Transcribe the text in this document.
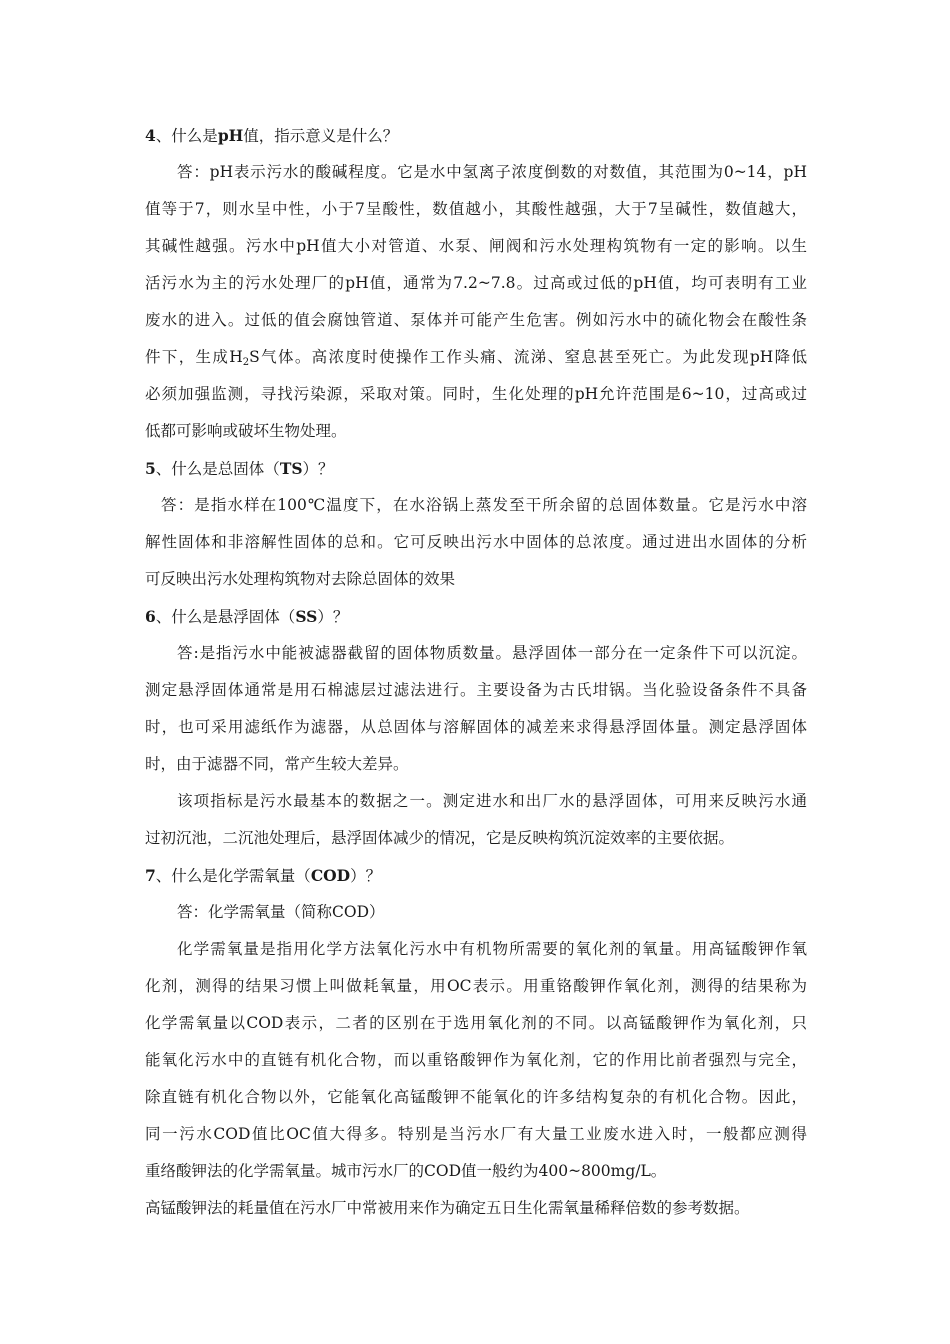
4、什么是pH值，指示意义是什么？
答：pH表示污水的酸碱程度。它是水中氢离子浓度倒数的对数值，其范围为0~14，pH
值等于7，则水呈中性，小于7呈酸性，数值越小，其酸性越强，大于7呈碱性，数值越大，
其碱性越强。污水中pH值大小对管道、水泵、闸阀和污水处理构筑物有一定的影响。以生
活污水为主的污水处理厂的pH值，通常为7.2~7.8。过高或过低的pH值，均可表明有工业
废水的进入。过低的值会腐蚀管道、泵体并可能产生危害。例如污水中的硫化物会在酸性条
件下，生成$H_2S$气体。高浓度时使操作工作头痛、流涕、窒息甚至死亡。为此发现pH降低
必须加强监测，寻找污染源，采取对策。同时，生化处理的pH允许范围是6~10，过高或过
低都可影响或破坏生物处理。
5、什么是总固体（TS）？
答：是指水样在100℃温度下，在水浴锅上蒸发至干所余留的总固体数量。它是污水中溶
解性固体和非溶解性固体的总和。它可反映出污水中固体的总浓度。通过进出水固体的分析
可反映出污水处理构筑物对去除总固体的效果
6、什么是悬浮固体（SS）？
答:是指污水中能被滤器截留的固体物质数量。悬浮固体一部分在一定条件下可以沉淀。
测定悬浮固体通常是用石棉滤层过滤法进行。主要设备为古氏坩锅。当化验设备条件不具备
时，也可采用滤纸作为滤器，从总固体与溶解固体的减差来求得悬浮固体量。测定悬浮固体
时，由于滤器不同，常产生较大差异。
该项指标是污水最基本的数据之一。测定进水和出厂水的悬浮固体，可用来反映污水通
过初沉池，二沉池处理后，悬浮固体减少的情况，它是反映构筑沉淀效率的主要依据。
7、什么是化学需氧量（COD）？
答：化学需氧量（简称COD）
化学需氧量是指用化学方法氧化污水中有机物所需要的氧化剂的氧量。用高锰酸钾作氧
化剂，测得的结果习惯上叫做耗氧量，用OC表示。用重铬酸钾作氧化剂，测得的结果称为
化学需氧量以COD表示，二者的区别在于选用氧化剂的不同。以高锰酸钾作为氧化剂，只
能氧化污水中的直链有机化合物，而以重铬酸钾作为氧化剂，它的作用比前者强烈与完全，
除直链有机化合物以外，它能氧化高锰酸钾不能氧化的许多结构复杂的有机化合物。因此，
同一污水COD值比OC值大得多。特别是当污水厂有大量工业废水进入时，一般都应测得
重络酸钾法的化学需氧量。城市污水厂的COD值一般约为400~800mg/L。
高锰酸钾法的耗量值在污水厂中常被用来作为确定五日生化需氧量稀释倍数的参考数据。
